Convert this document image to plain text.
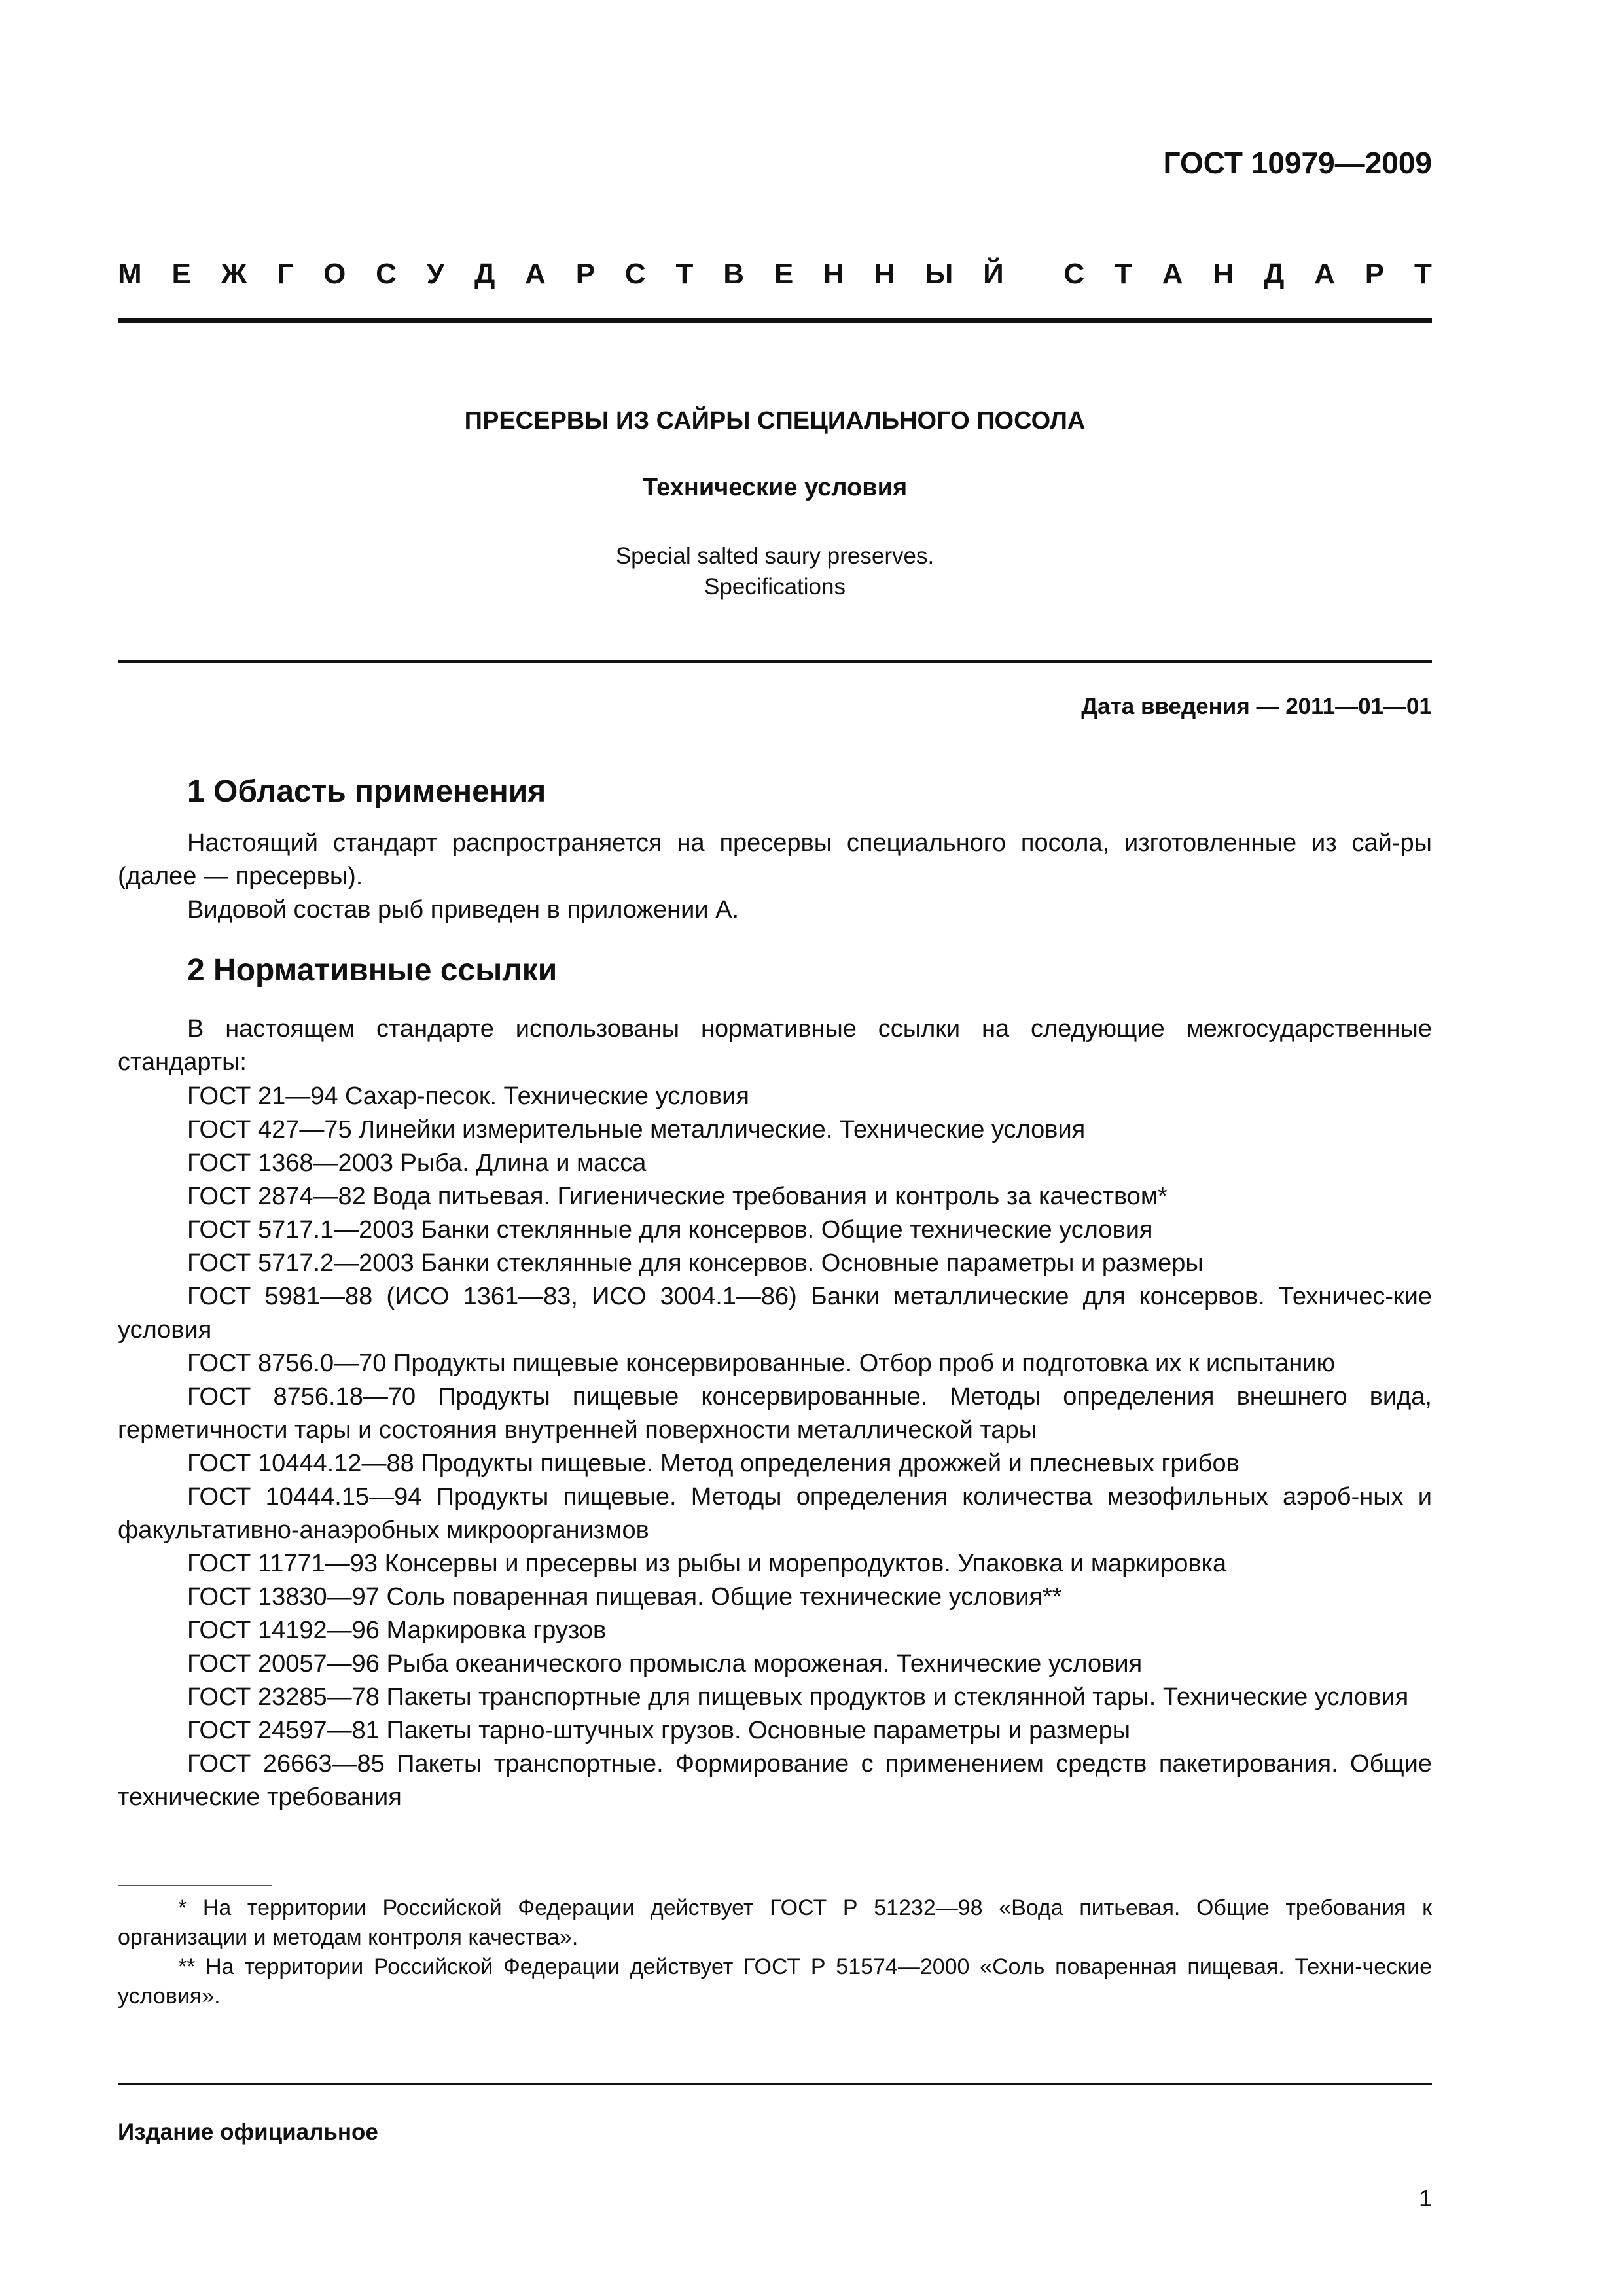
ГОСТ 10979—2009
М Е Ж Г О С У Д А Р С Т В Е Н Н Ы Й С Т А Н Д А Р Т
ПРЕСЕРВЫ ИЗ САЙРЫ СПЕЦИАЛЬНОГО ПОСОЛА
Технические условия
Special salted saury preserves.
Specifications
Дата введения — 2011—01—01
1 Область применения
Настоящий стандарт распространяется на пресервы специального посола, изготовленные из сай-ры (далее — пресервы).
Видовой состав рыб приведен в приложении А.
2 Нормативные ссылки
В настоящем стандарте использованы нормативные ссылки на следующие межгосударственные стандарты:
ГОСТ 21—94 Сахар-песок. Технические условия
ГОСТ 427—75 Линейки измерительные металлические. Технические условия
ГОСТ 1368—2003 Рыба. Длина и масса
ГОСТ 2874—82 Вода питьевая. Гигиенические требования и контроль за качеством*
ГОСТ 5717.1—2003 Банки стеклянные для консервов. Общие технические условия
ГОСТ 5717.2—2003 Банки стеклянные для консервов. Основные параметры и размеры
ГОСТ 5981—88 (ИСО 1361—83, ИСО 3004.1—86) Банки металлические для консервов. Техничес-кие условия
ГОСТ 8756.0—70 Продукты пищевые консервированные. Отбор проб и подготовка их к испытанию
ГОСТ 8756.18—70 Продукты пищевые консервированные. Методы определения внешнего вида, герметичности тары и состояния внутренней поверхности металлической тары
ГОСТ 10444.12—88 Продукты пищевые. Метод определения дрожжей и плесневых грибов
ГОСТ 10444.15—94 Продукты пищевые. Методы определения количества мезофильных аэроб-ных и факультативно-анаэробных микроорганизмов
ГОСТ 11771—93 Консервы и пресервы из рыбы и морепродуктов. Упаковка и маркировка
ГОСТ 13830—97 Соль поваренная пищевая. Общие технические условия**
ГОСТ 14192—96 Маркировка грузов
ГОСТ 20057—96 Рыба океанического промысла мороженая. Технические условия
ГОСТ 23285—78 Пакеты транспортные для пищевых продуктов и стеклянной тары. Технические условия
ГОСТ 24597—81 Пакеты тарно-штучных грузов. Основные параметры и размеры
ГОСТ 26663—85 Пакеты транспортные. Формирование с применением средств пакетирования. Общие технические требования
* На территории Российской Федерации действует ГОСТ Р 51232—98 «Вода питьевая. Общие требования к организации и методам контроля качества».
** На территории Российской Федерации действует ГОСТ Р 51574—2000 «Соль поваренная пищевая. Техни-ческие условия».
Издание официальное
1
